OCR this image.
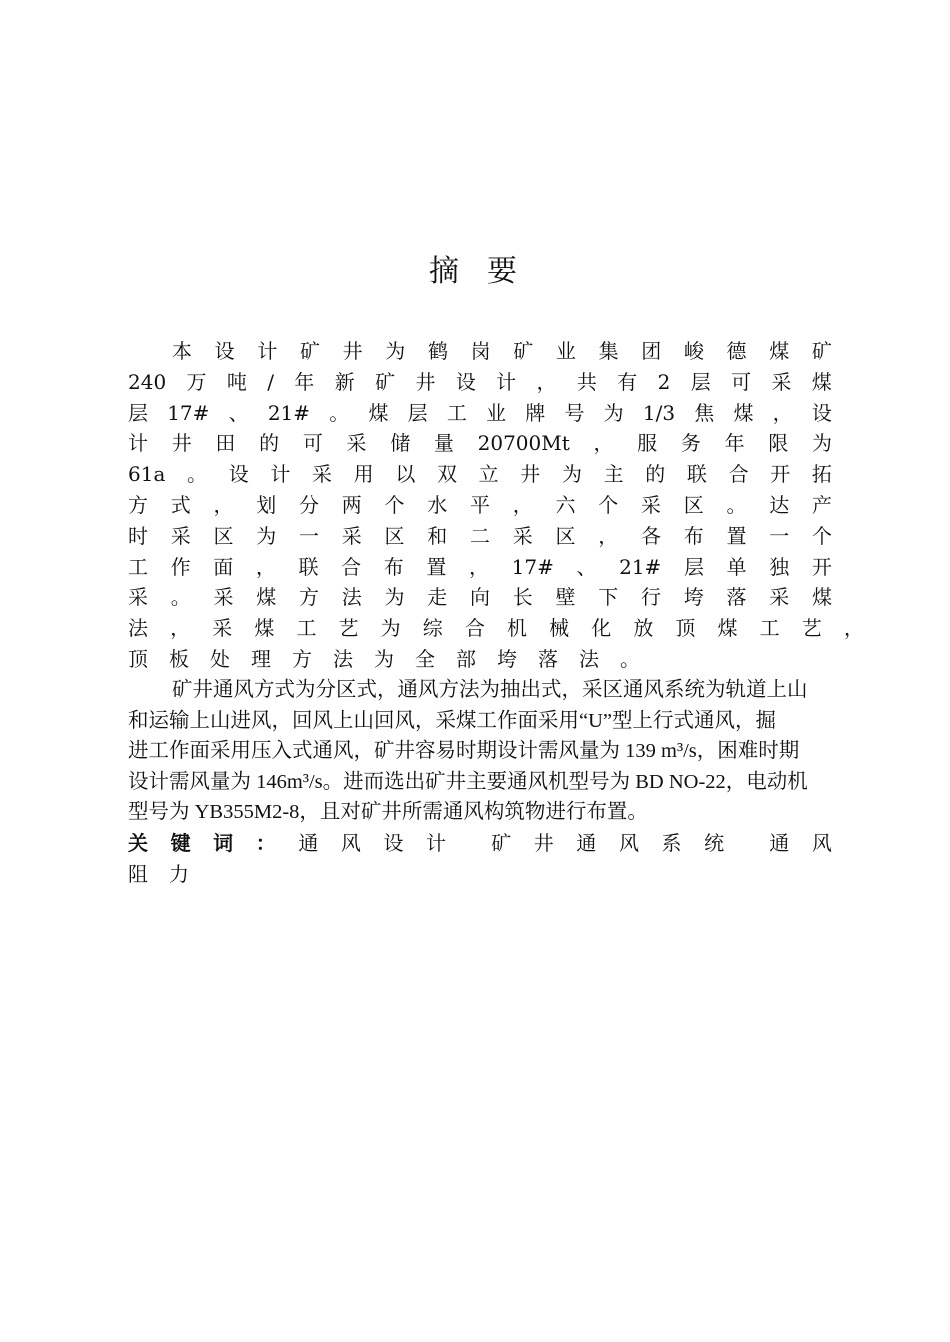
摘要
本 设 计 矿 井 为 鹤 岗 矿 业 集 团 峻 德 煤 矿
240 万 吨 / 年 新 矿 井 设 计 ， 共 有 2 层 可 采 煤
层 17# 、 21# 。 煤 层 工 业 牌 号 为 1/3 焦 煤 ， 设
计 井 田 的 可 采 储 量 20700Mt ， 服 务 年 限 为
61a 。 设 计 采 用 以 双 立 井 为 主 的 联 合 开 拓
方 式 ， 划 分 两 个 水 平 ， 六 个 采 区 。 达 产
时 采 区 为 一 采 区 和 二 采 区 ， 各 布 置 一 个
工 作 面 ， 联 合 布 置 ， 17# 、 21# 层 单 独 开
采 。 采 煤 方 法 为 走 向 长 壁 下 行 垮 落 采 煤
法 ， 采 煤 工 艺 为 综 合 机 械 化 放 顶 煤 工 艺 ，
顶 板 处 理 方 法 为 全 部 垮 落 法 。
矿井通风方式为分区式，通风方法为抽出式，采区通风系统为轨道上山
和运输上山进风，回风上山回风，采煤工作面采用“U”型上行式通风，掘
进工作面采用压入式通风，矿井容易时期设计需风量为 139 m³/s，困难时期
设计需风量为 146m³/s。进而选出矿井主要通风机型号为 BD NO-22，电动机
型号为 YB355M2-8，且对矿井所需通风构筑物进行布置。
关 键 词 ： 通 风 设 计 矿 井 通 风 系 统 通 风
阻 力
